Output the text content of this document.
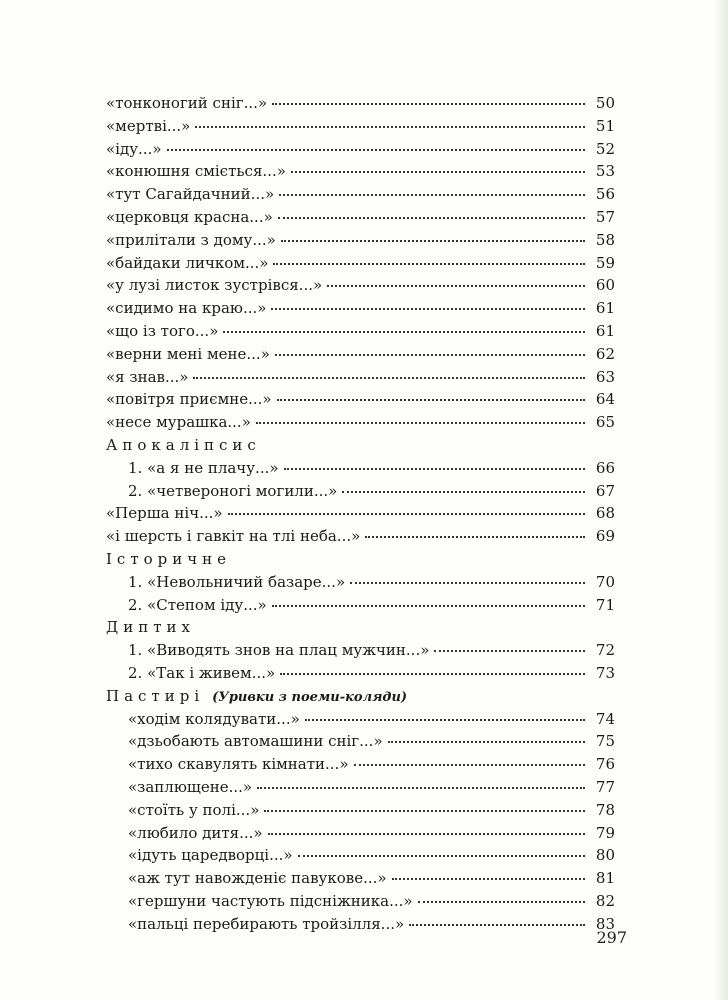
«тонконогий сніг...»	50
«мертві...»	51
«іду...»	52
«конюшня сміється...»	53
«тут Сагайдачний...»	56
«церковця красна...»	57
«прилітали з дому...»	58
«байдаки личком...»	59
«у лузі листок зустрівся...»	60
«сидимо на краю...»	61
«що із того...»	61
«верни мені мене...»	62
«я знав...»	63
«повітря приємне...»	64
«несе мурашка...»	65
Апокаліпсис
1. «а я не плачу...»	66
2. «четвероногі могили...»	67
«Перша ніч...»	68
«і шерсть і гавкіт на тлі неба...»	69
Історичне
1. «Невольничий базаре...»	70
2. «Степом іду...»	71
Диптих
1. «Виводять знов на плац мужчин...»	72
2. «Так і живем...»	73
Пастирі (Уривки з поеми-коляди)
«ходім колядувати...»	74
«дзьобають автомашини сніг...»	75
«тихо скавулять кімнати...»	76
«заплющене...»	77
«стоїть у полі...»	78
«любило дитя...»	79
«ідуть царедворці...»	80
«аж тут навожденіє павукове...»	81
«гершуни частують підсніжника...»	82
«пальці перебирають тройзілля...»	83
297
